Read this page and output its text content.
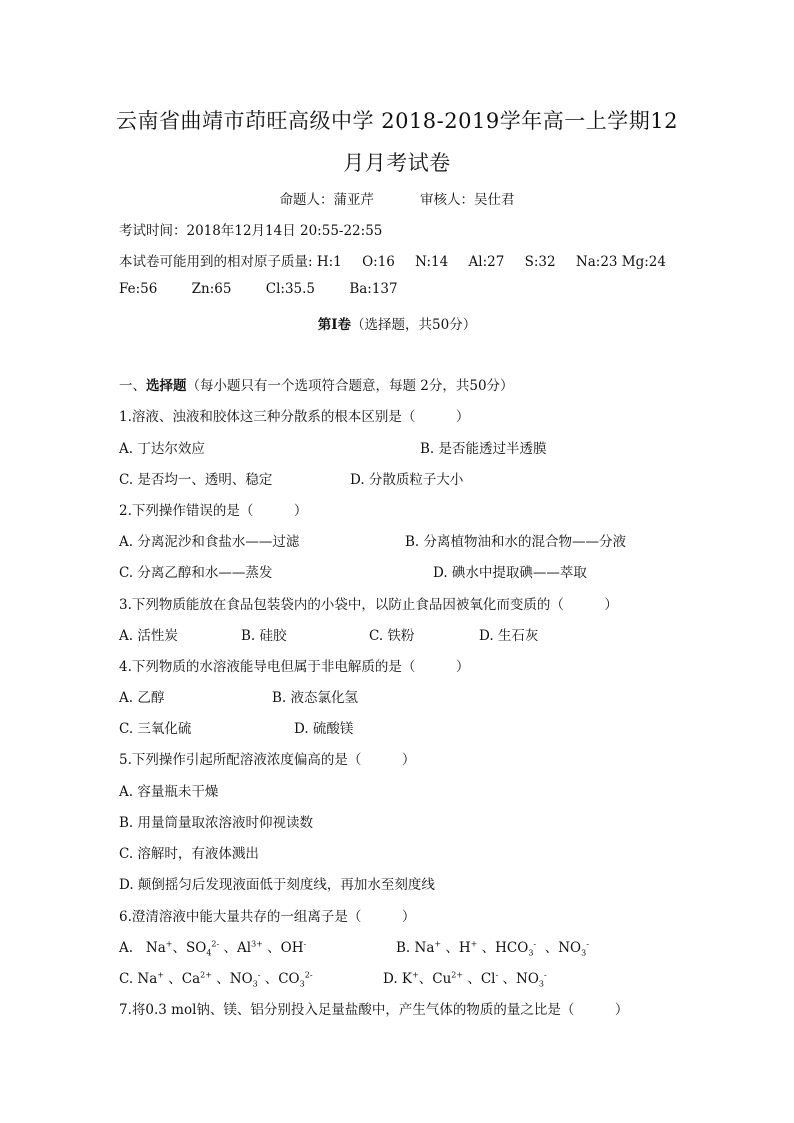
云南省曲靖市茚旺高级中学 2018-2019学年高一上学期12
月月考试卷
命题人：蒲亚芹	审核人：吴仕君
考试时间：2018年12月14日 20:55-22:55
本试卷可能用到的相对原子质量: H:1 O:16 N:14 Al:27 S:32 Na:23 Mg:24
Fe:56	Zn:65	Cl:35.5	Ba:137
第Ⅰ卷（选择题，共50分）
一、选择题（每小题只有一个选项符合题意，每题 2分，共50分）
1.溶液、浊液和胶体这三种分散系的根本区别是（　　　）
A. 丁达尔效应	B. 是否能透过半透膜
C. 是否均一、透明、稳定	D. 分散质粒子大小
2.下列操作错误的是（　　　）
A. 分离泥沙和食盐水——过滤	B. 分离植物油和水的混合物——分液
C. 分离乙醇和水——蒸发	D. 碘水中提取碘——萃取
3.下列物质能放在食品包装袋内的小袋中，以防止食品因被氧化而变质的（　　　）
A. 活性炭	B. 硅胶	C. 铁粉	D. 生石灰
4.下列物质的水溶液能导电但属于非电解质的是（　　　）
A. 乙醇	B. 液态氯化氢
C. 三氧化硫	D. 硫酸镁
5.下列操作引起所配溶液浓度偏高的是（　　　）
A. 容量瓶未干燥
B. 用量筒量取浓溶液时仰视读数
C. 溶解时，有液体溅出
D. 颠倒摇匀后发现液面低于刻度线，再加水至刻度线
6.澄清溶液中能大量共存的一组离子是（　　　）
A.   Na+、$SO_4^{2-}$ 、$Al^{3+}$ 、OH-	B. Na+ 、H+ 、$HCO_3^-$  、$NO_3^-$
C. Na+ 、$Ca^{2+}$ 、$NO_3^-$ 、$CO_3^{2-}$	D. K+、$Cu^{2+}$ 、Cl- 、$NO_3^-$
7.将0.3 mol钠、镁、铝分别投入足量盐酸中，产生气体的物质的量之比是（　　　）
